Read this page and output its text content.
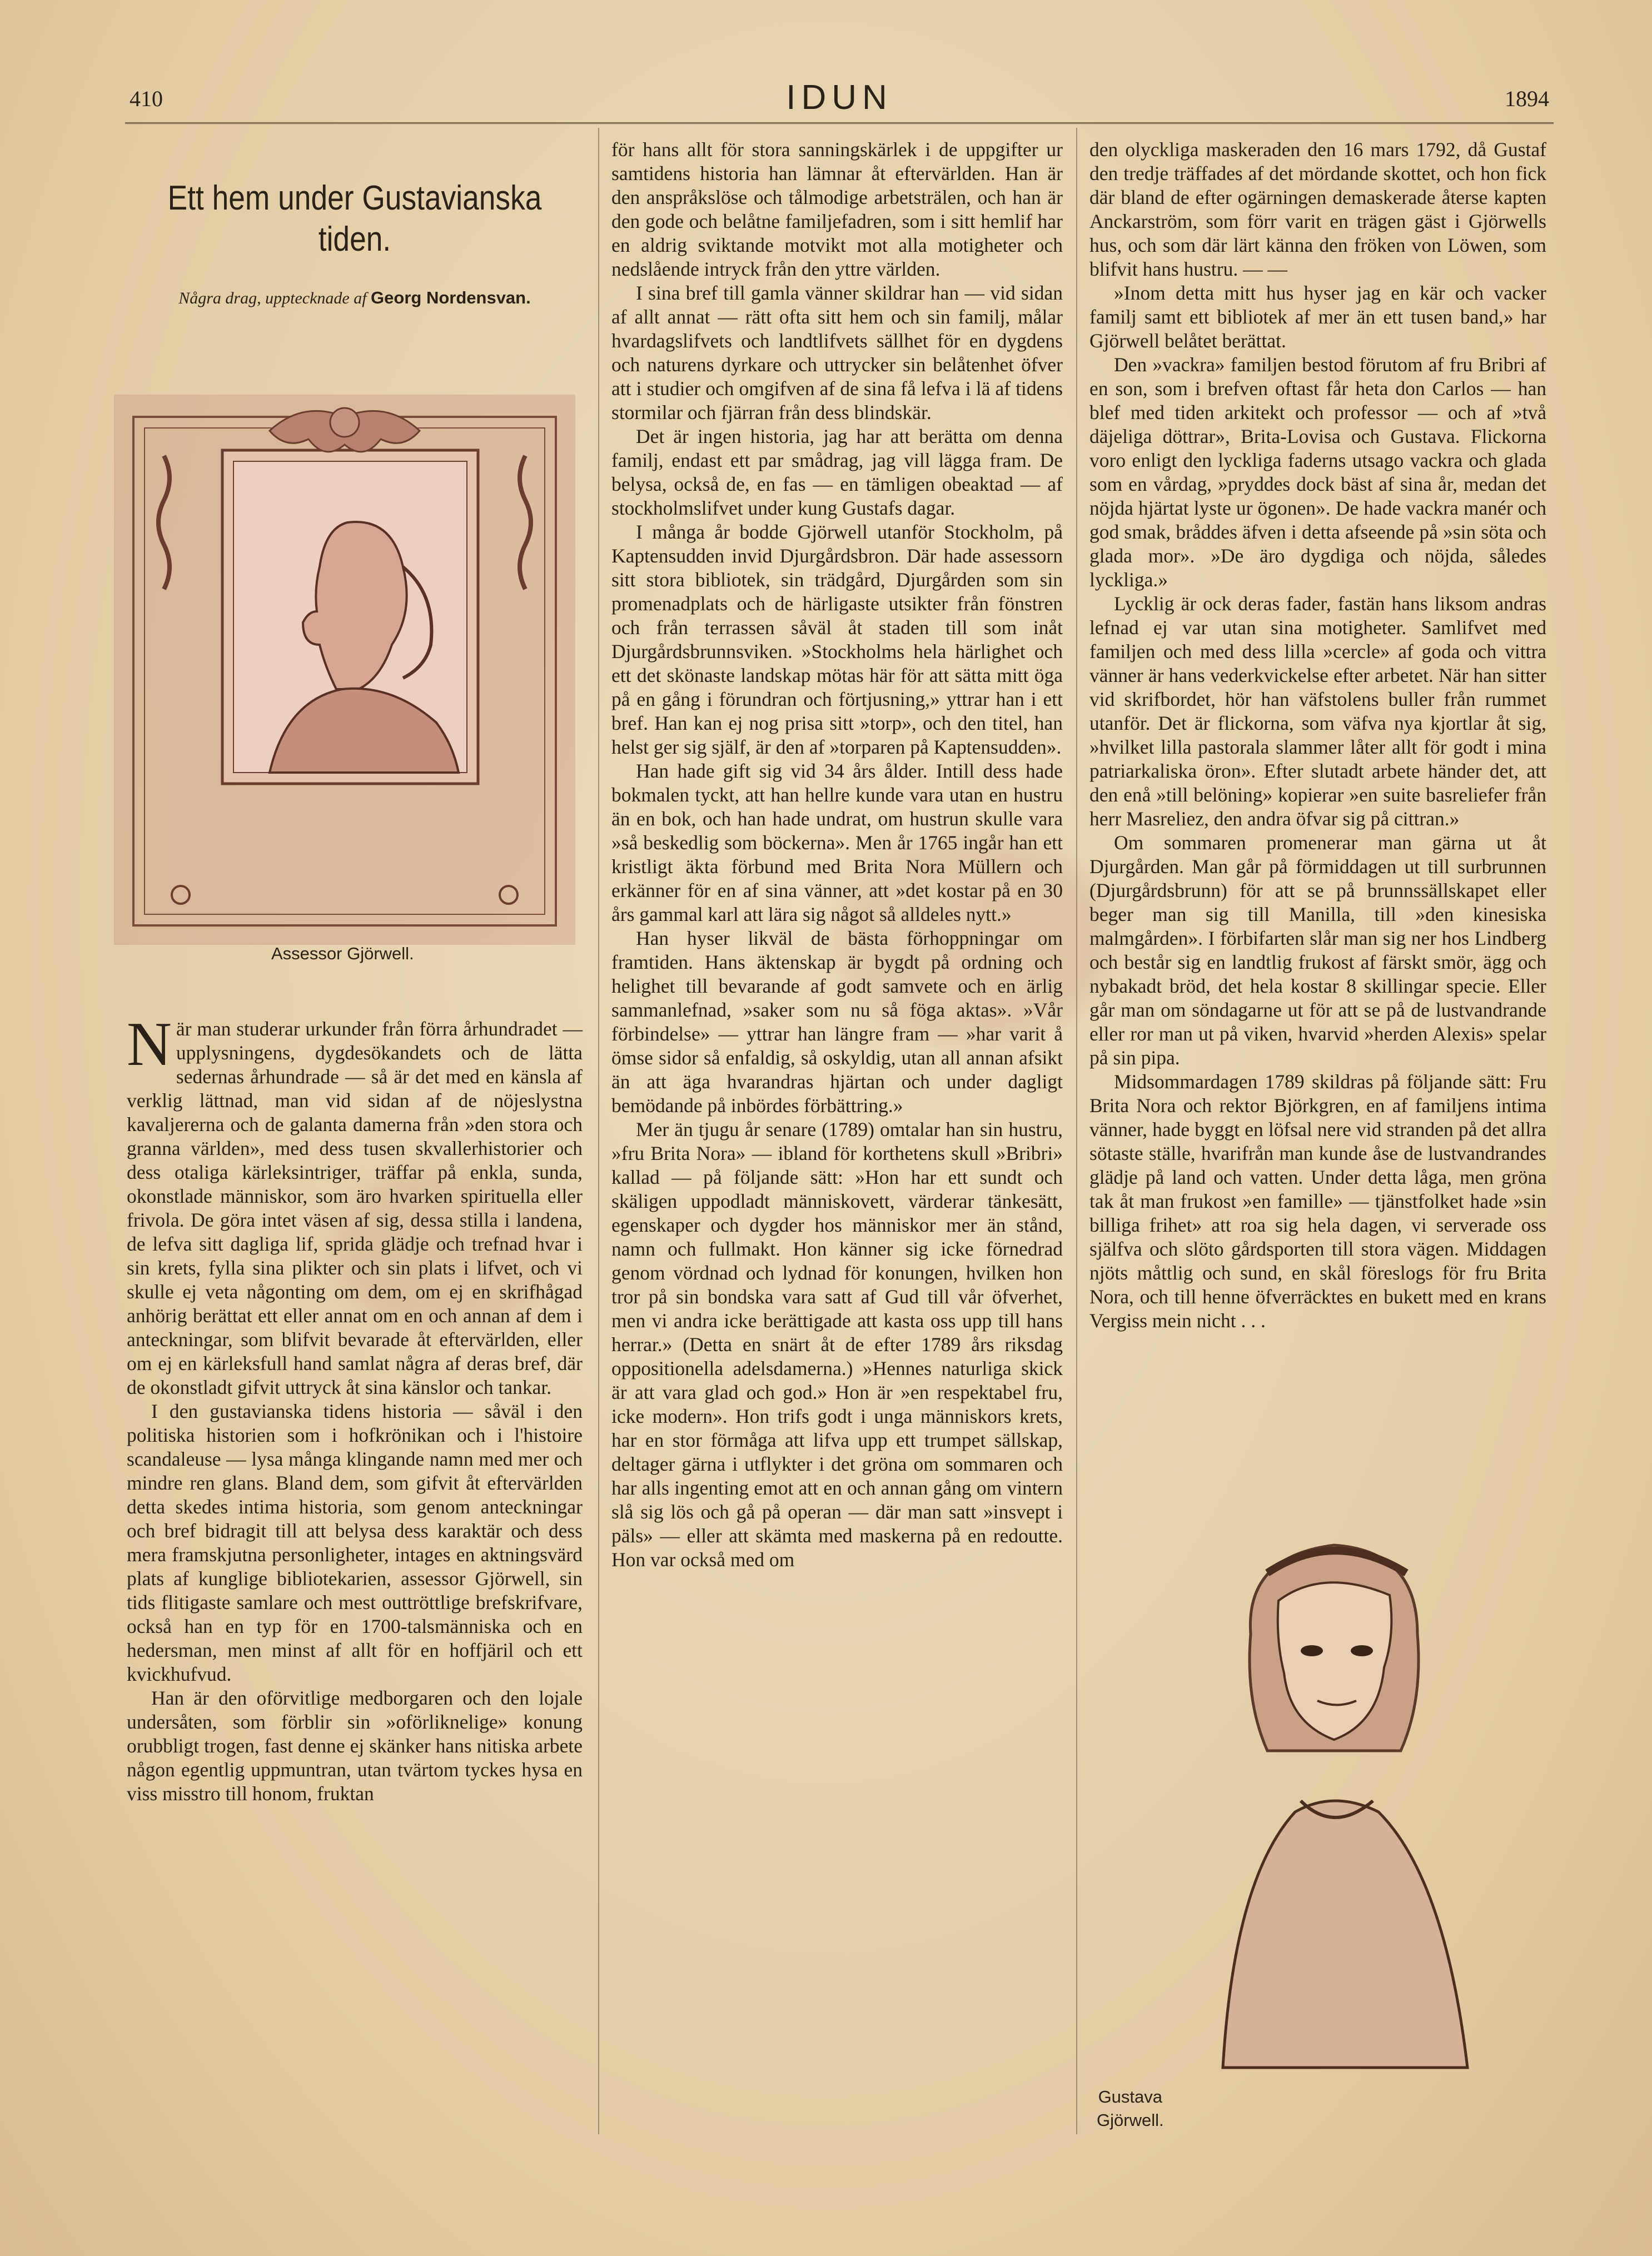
410	IDUN	1894
Ett hem under Gustavianska
tiden.
Några drag, upptecknade af Georg Nordensvan.
Assessor Gjörwell.

När man studerar urkunder från förra århundradet — upplysningens, dygdesökandets och de lätta sedernas århundrade — så är det med en känsla af verklig lättnad, man vid sidan af de nöjeslystna kavaljererna och de galanta damerna från »den stora och granna världen», med dess tusen skvallerhistorier och dess otaliga kärleksintriger, träffar på enkla, sunda, okonstlade människor, som äro hvarken spirituella eller frivola. De göra intet väsen af sig, dessa stilla i landena, de lefva sitt dagliga lif, sprida glädje och trefnad hvar i sin krets, fylla sina plikter och sin plats i lifvet, och vi skulle ej veta någonting om dem, om ej en skrifhågad anhörig berättat ett eller annat om en och annan af dem i anteckningar, som blifvit bevarade åt eftervärlden, eller om ej en kärleksfull hand samlat några af deras bref, där de okonstladt gifvit uttryck åt sina känslor och tankar.

I den gustavianska tidens historia — såväl i den politiska historien som i hofkrönikan och i l'histoire scandaleuse — lysa många klingande namn med mer och mindre ren glans. Bland dem, som gifvit åt eftervärlden detta skedes intima historia, som genom anteckningar och bref bidragit till att belysa dess karaktär och dess mera framskjutna personligheter, intages en aktningsvärd plats af kunglige bibliotekarien, assessor Gjörwell, sin tids flitigaste samlare och mest outtröttlige brefskrifvare, också han en typ för en 1700-talsmänniska och en hedersman, men minst af allt för en hoffjäril och ett kvickhufvud.

Han är den oförvitlige medborgaren och den lojale undersåten, som förblir sin »oförliknelige» konung orubbligt trogen, fast denne ej skänker hans nitiska arbete någon egentlig uppmuntran, utan tvärtom tyckes hysa en viss misstro till honom, fruktan

för hans allt för stora sanningskärlek i de uppgifter ur samtidens historia han lämnar åt eftervärlden. Han är den anspråkslöse och tålmodige arbetsträlen, och han är den gode och belåtne familjefadren, som i sitt hemlif har en aldrig sviktande motvikt mot alla motigheter och nedslående intryck från den yttre världen.

I sina bref till gamla vänner skildrar han — vid sidan af allt annat — rätt ofta sitt hem och sin familj, målar hvardagslifvets och landtlifvets sällhet för en dygdens och naturens dyrkare och uttrycker sin belåtenhet öfver att i studier och omgifven af de sina få lefva i lä af tidens stormilar och fjärran från dess blindskär.

Det är ingen historia, jag har att berätta om denna familj, endast ett par smådrag, jag vill lägga fram. De belysa, också de, en fas — en tämligen obeaktad — af stockholmslifvet under kung Gustafs dagar.

I många år bodde Gjörwell utanför Stockholm, på Kaptensudden invid Djurgårdsbron. Där hade assessorn sitt stora bibliotek, sin trädgård, Djurgården som sin promenadplats och de härligaste utsikter från fönstren och från terrassen såväl åt staden till som inåt Djurgårdsbrunnsviken. »Stockholms hela härlighet och ett det skönaste landskap mötas här för att sätta mitt öga på en gång i förundran och förtjusning,» yttrar han i ett bref. Han kan ej nog prisa sitt »torp», och den titel, han helst ger sig själf, är den af »torparen på Kaptensudden».

Han hade gift sig vid 34 års ålder. Intill dess hade bokmalen tyckt, att han hellre kunde vara utan en hustru än en bok, och han hade undrat, om hustrun skulle vara »så beskedlig som böckerna». Men år 1765 ingår han ett kristligt äkta förbund med Brita Nora Müllern och erkänner för en af sina vänner, att »det kostar på en 30 års gammal karl att lära sig något så alldeles nytt.»

Han hyser likväl de bästa förhoppningar om framtiden. Hans äktenskap är bygdt på ordning och helighet till bevarande af godt samvete och en ärlig sammanlefnad, »saker som nu så föga aktas». »Vår förbindelse» — yttrar han längre fram — »har varit å ömse sidor så enfaldig, så oskyldig, utan all annan afsikt än att äga hvarandras hjärtan och under dagligt bemödande på inbördes förbättring.»

Mer än tjugu år senare (1789) omtalar han sin hustru, »fru Brita Nora» — ibland för korthetens skull »Bribri» kallad — på följande sätt: »Hon har ett sundt och skäligen uppodladt människovett, värderar tänkesätt, egenskaper och dygder hos människor mer än stånd, namn och fullmakt. Hon känner sig icke förnedrad genom vördnad och lydnad för konungen, hvilken hon tror på sin bondska vara satt af Gud till vår öfverhet, men vi andra icke berättigade att kasta oss upp till hans herrar.» (Detta en snärt åt de efter 1789 års riksdag oppositionella adelsdamerna.) »Hennes naturliga skick är att vara glad och god.» Hon är »en respektabel fru, icke modern». Hon trifs godt i unga människors krets, har en stor förmåga att lifva upp ett trumpet sällskap, deltager gärna i utflykter i det gröna om sommaren och har alls ingenting emot att en och annan gång om vintern slå sig lös och gå på operan — där man satt »insvept i päls» — eller att skämta med maskerna på en redoutte. Hon var också med om

den olyckliga maskeraden den 16 mars 1792, då Gustaf den tredje träffades af det mördande skottet, och hon fick där bland de efter ogärningen demaskerade återse kapten Anckarström, som förr varit en trägen gäst i Gjörwells hus, och som där lärt känna den fröken von Löwen, som blifvit hans hustru. — —

»Inom detta mitt hus hyser jag en kär och vacker familj samt ett bibliotek af mer än ett tusen band,» har Gjörwell belåtet berättat.

Den »vackra» familjen bestod förutom af fru Bribri af en son, som i brefven oftast får heta don Carlos — han blef med tiden arkitekt och professor — och af »två däjeliga döttrar», Brita-Lovisa och Gustava. Flickorna voro enligt den lyckliga faderns utsago vackra och glada som en vårdag, »pryddes dock bäst af sina år, medan det nöjda hjärtat lyste ur ögonen». De hade vackra manér och god smak, bråddes äfven i detta afseende på »sin söta och glada mor». »De äro dygdiga och nöjda, således lyckliga.»

Lycklig är ock deras fader, fastän hans liksom andras lefnad ej var utan sina motigheter. Samlifvet med familjen och med dess lilla »cercle» af goda och vittra vänner är hans vederkvickelse efter arbetet. När han sitter vid skrifbordet, hör han väfstolens buller från rummet utanför. Det är flickorna, som väfva nya kjortlar åt sig, »hvilket lilla pastorala slammer låter allt för godt i mina patriarkaliska öron». Efter slutadt arbete händer det, att den enå »till belöning» kopierar »en suite basreliefer från herr Masreliez, den andra öfvar sig på cittran.»

Om sommaren promenerar man gärna ut åt Djurgården. Man går på förmiddagen ut till surbrunnen (Djurgårdsbrunn) för att se på brunnssällskapet eller beger man sig till Manilla, till »den kinesiska malmgården». I förbifarten slår man sig ner hos Lindberg och består sig en landtlig frukost af färskt smör, ägg och nybakadt bröd, det hela kostar 8 skillingar specie. Eller går man om söndagarne ut för att se på de lustvandrande eller ror man ut på viken, hvarvid »herden Alexis» spelar på sin pipa.

Midsommardagen 1789 skildras på följande sätt: Fru Brita Nora och rektor Björkgren, en af familjens intima vänner, hade byggt en löfsal nere vid stranden på det allra sötaste ställe, hvarifrån man kunde åse de lustvandrandes glädje på land och vatten. Under detta låga, men gröna tak åt man frukost »en famille» — tjänstfolket hade »sin billiga frihet» att roa sig hela dagen, vi serverade oss själfva och slöto gårdsporten till stora vägen. Middagen njöts måttlig och sund, en skål föreslogs för fru Brita Nora, och till henne öfverräcktes en bukett med en krans Vergiss mein nicht . . .

Gustava
Gjörwell.
